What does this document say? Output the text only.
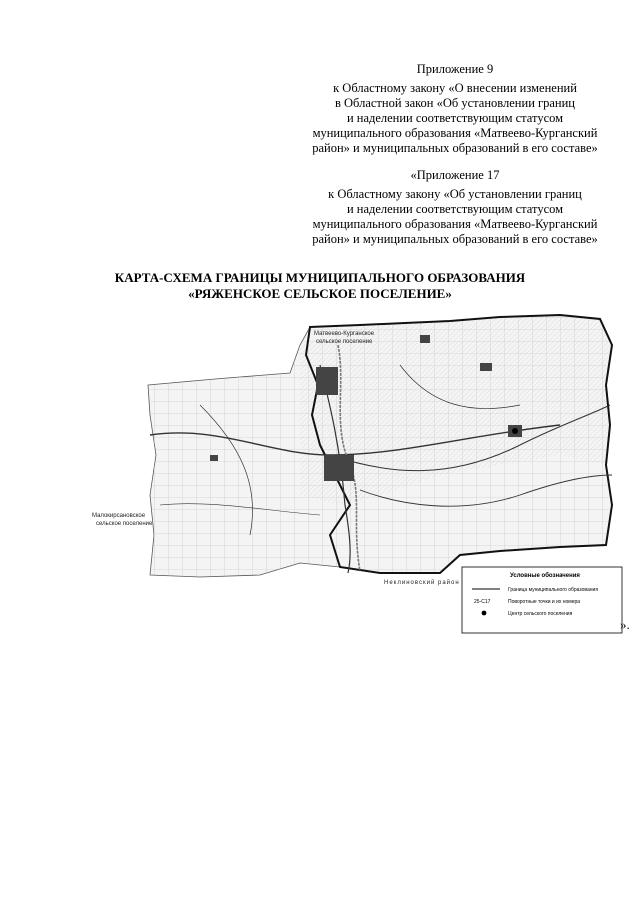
Приложение 9
к Областному закону «О внесении изменений
в Областной закон «Об установлении границ
и наделении соответствующим статусом
муниципального образования «Матвеево-Курганский
район» и муниципальных образований в его составе»
«Приложение 17
к Областному закону «Об установлении границ
и наделении соответствующим статусом
муниципального образования «Матвеево-Курганский
район» и муниципальных образований в его составе»
КАРТА-СХЕМА ГРАНИЦЫ МУНИЦИПАЛЬНОГО ОБРАЗОВАНИЯ
«РЯЖЕНСКОЕ СЕЛЬСКОЕ ПОСЕЛЕНИЕ»
Матвеево-Курганское
сельское поселение
Малокирсановское
сельское поселение
Неклиновский район
Условные обозначения
Граница муниципального образования
25-С17	Поворотные точки и их номера
Центр сельского поселения
».
